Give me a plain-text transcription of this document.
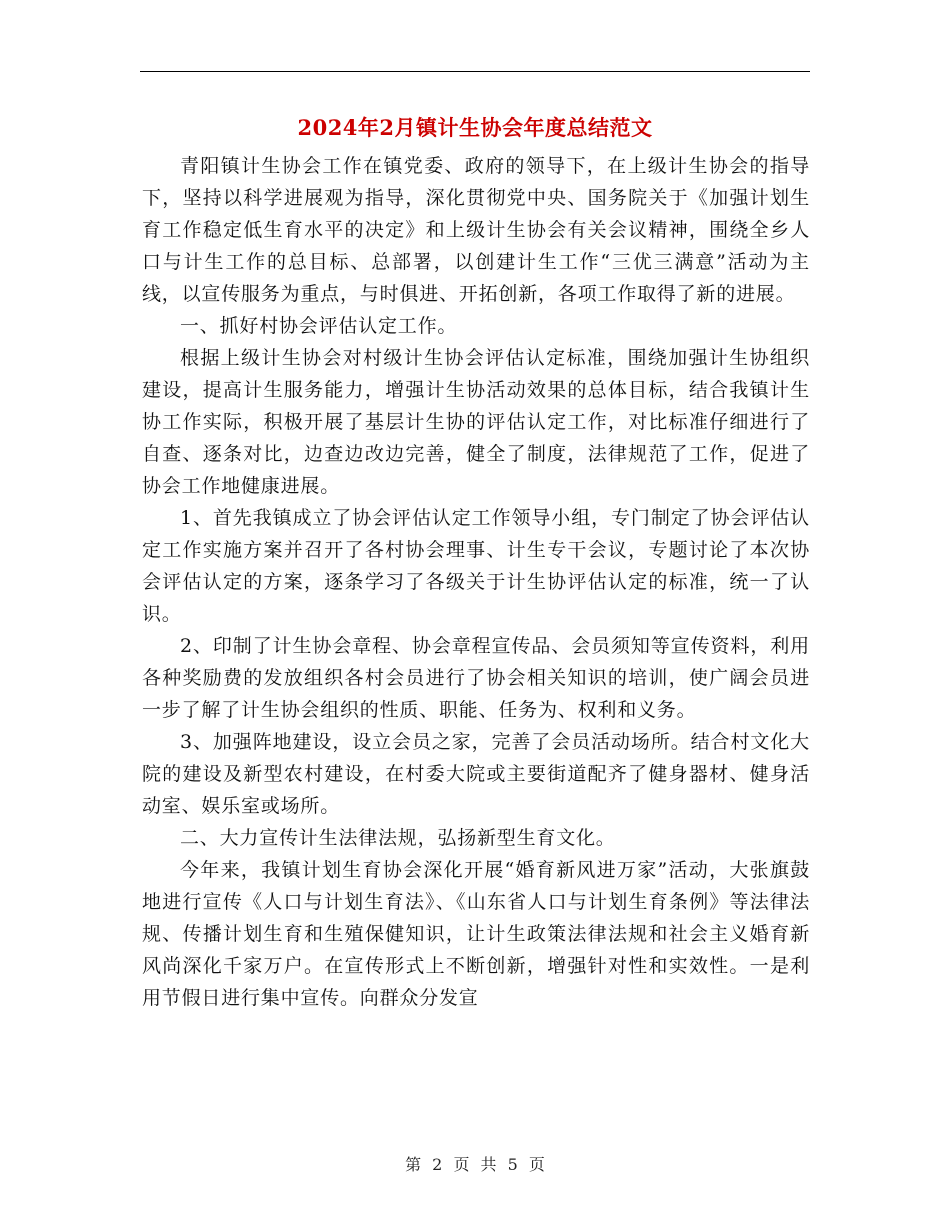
2024年2月镇计生协会年度总结范文

青阳镇计生协会工作在镇党委、政府的领导下，在上级计生协会的指导下，坚持以科学进展观为指导，深化贯彻党中央、国务院关于《加强计划生育工作稳定低生育水平的决定》和上级计生协会有关会议精神，围绕全乡人口与计生工作的总目标、总部署，以创建计生工作“三优三满意”活动为主线，以宣传服务为重点，与时俱进、开拓创新，各项工作取得了新的进展。

一、抓好村协会评估认定工作。

根据上级计生协会对村级计生协会评估认定标准，围绕加强计生协组织建设，提高计生服务能力，增强计生协活动效果的总体目标，结合我镇计生协工作实际，积极开展了基层计生协的评估认定工作，对比标准仔细进行了自查、逐条对比，边查边改边完善，健全了制度，法律规范了工作，促进了协会工作地健康进展。

1、首先我镇成立了协会评估认定工作领导小组，专门制定了协会评估认定工作实施方案并召开了各村协会理事、计生专干会议，专题讨论了本次协会评估认定的方案，逐条学习了各级关于计生协评估认定的标准，统一了认识。

2、印制了计生协会章程、协会章程宣传品、会员须知等宣传资料，利用各种奖励费的发放组织各村会员进行了协会相关知识的培训，使广阔会员进一步了解了计生协会组织的性质、职能、任务为、权利和义务。

3、加强阵地建设，设立会员之家，完善了会员活动场所。结合村文化大院的建设及新型农村建设，在村委大院或主要街道配齐了健身器材、健身活动室、娱乐室或场所。

二、大力宣传计生法律法规，弘扬新型生育文化。

今年来，我镇计划生育协会深化开展“婚育新风进万家”活动，大张旗鼓地进行宣传《人口与计划生育法》、《山东省人口与计划生育条例》等法律法规、传播计划生育和生殖保健知识，让计生政策法律法规和社会主义婚育新风尚深化千家万户。在宣传形式上不断创新，增强针对性和实效性。一是利用节假日进行集中宣传。向群众分发宣

第 2 页 共 5 页
